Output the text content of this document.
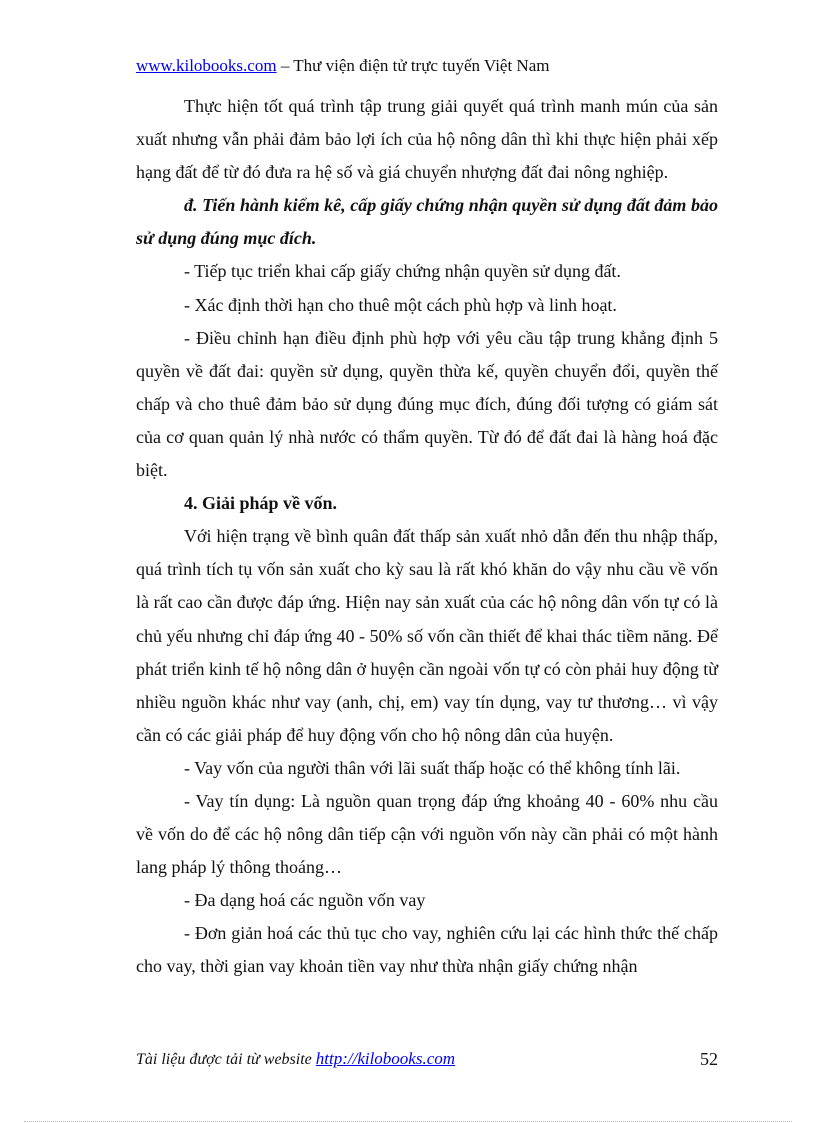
www.kilobooks.com – Thư viện điện tử trực tuyến Việt Nam

Thực hiện tốt quá trình tập trung giải quyết quá trình manh mún của sản xuất nhưng vẫn phải đảm bảo lợi ích của hộ nông dân thì khi thực hiện phải xếp hạng đất để từ đó đưa ra hệ số và giá chuyển nhượng đất đai nông nghiệp.

đ. Tiến hành kiểm kê, cấp giấy chứng nhận quyền sử dụng đất đảm bảo sử dụng đúng mục đích.

- Tiếp tục triển khai cấp giấy chứng nhận quyền sử dụng đất.

- Xác định thời hạn cho thuê một cách phù hợp và linh hoạt.

- Điều chỉnh hạn điều định phù hợp với yêu cầu tập trung khẳng định 5 quyền về đất đai: quyền sử dụng, quyền thừa kế, quyền chuyển đổi, quyền thế chấp và cho thuê đảm bảo sử dụng đúng mục đích, đúng đối tượng có giám sát của cơ quan quản lý nhà nước có thẩm quyền. Từ đó để đất đai là hàng hoá đặc biệt.

4. Giải pháp về vốn.

Với hiện trạng về bình quân đất thấp sản xuất nhỏ dẫn đến thu nhập thấp, quá trình tích tụ vốn sản xuất cho kỳ sau là rất khó khăn do vậy nhu cầu về vốn là rất cao cần được đáp ứng. Hiện nay sản xuất của các hộ nông dân vốn tự có là chủ yếu nhưng chỉ đáp ứng 40 - 50% số vốn cần thiết để khai thác tiềm năng. Để phát triển kinh tế hộ nông dân ở huyện cần ngoài vốn tự có còn phải huy động từ nhiều nguồn khác như vay (anh, chị, em) vay tín dụng, vay tư thương… vì vậy cần có các giải pháp để huy động vốn cho hộ nông dân của huyện.

- Vay vốn của người thân với lãi suất thấp hoặc có thể không tính lãi.

- Vay tín dụng: Là nguồn quan trọng đáp ứng khoảng 40 - 60% nhu cầu về vốn do để các hộ nông dân tiếp cận với nguồn vốn này cần phải có một hành lang pháp lý thông thoáng…

- Đa dạng hoá các nguồn vốn vay

- Đơn giản hoá các thủ tục cho vay, nghiên cứu lại các hình thức thế chấp cho vay, thời gian vay khoản tiền vay như thừa nhận giấy chứng nhận

Tài liệu được tải từ website http://kilobooks.com	52
